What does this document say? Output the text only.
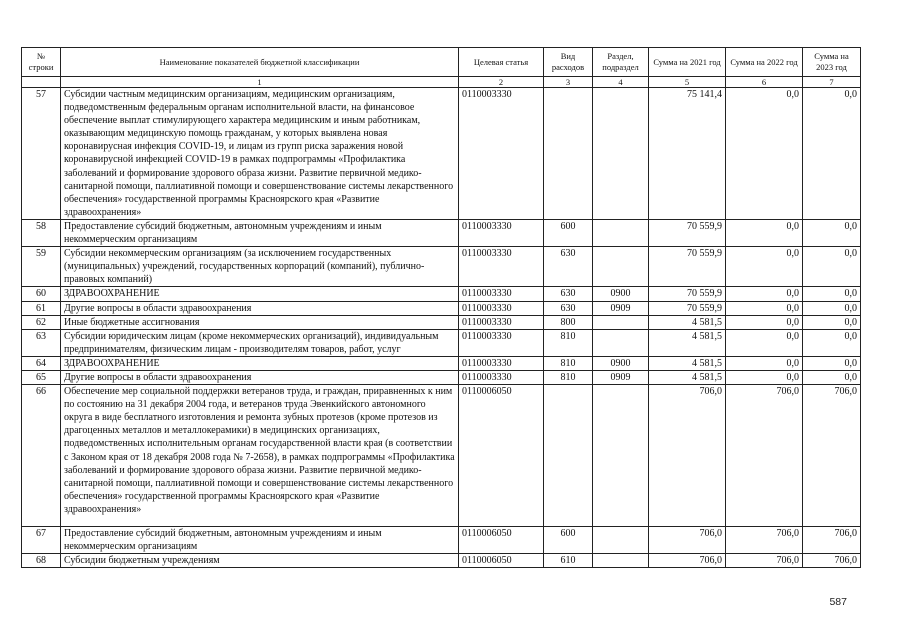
№ строки	Наименование показателей бюджетной классификации	Целевая статья	Вид расходов	Раздел, подраздел	Сумма на 2021 год	Сумма на 2022 год	Сумма на 2023 год
	1	2	3	4	5	6	7
57	Субсидии частным медицинским организациям, медицинским организациям, подведомственным федеральным органам исполнительной власти, на финансовое обеспечение выплат стимулирующего характера медицинским и иным работникам, оказывающим медицинскую помощь гражданам, у которых выявлена новая коронавирусная инфекция COVID-19, и лицам из групп риска заражения новой коронавирусной инфекцией COVID-19 в рамках подпрограммы «Профилактика заболеваний и формирование здорового образа жизни. Развитие первичной медико-санитарной помощи, паллиативной помощи и совершенствование системы лекарственного обеспечения» государственной программы Красноярского края «Развитие здравоохранения»	0110003330			75 141,4	0,0	0,0
58	Предоставление субсидий бюджетным, автономным учреждениям и иным некоммерческим организациям	0110003330	600		70 559,9	0,0	0,0
59	Субсидии некоммерческим организациям (за исключением государственных (муниципальных) учреждений, государственных корпораций (компаний), публично-правовых компаний)	0110003330	630		70 559,9	0,0	0,0
60	ЗДРАВООХРАНЕНИЕ	0110003330	630	0900	70 559,9	0,0	0,0
61	Другие вопросы в области здравоохранения	0110003330	630	0909	70 559,9	0,0	0,0
62	Иные бюджетные ассигнования	0110003330	800		4 581,5	0,0	0,0
63	Субсидии юридическим лицам (кроме некоммерческих организаций), индивидуальным предпринимателям, физическим лицам - производителям товаров, работ, услуг	0110003330	810		4 581,5	0,0	0,0
64	ЗДРАВООХРАНЕНИЕ	0110003330	810	0900	4 581,5	0,0	0,0
65	Другие вопросы в области здравоохранения	0110003330	810	0909	4 581,5	0,0	0,0
66	Обеспечение мер социальной поддержки ветеранов труда, и граждан, приравненных к ним по состоянию на 31 декабря 2004 года, и ветеранов труда Эвенкийского автономного округа в виде бесплатного изготовления и ремонта зубных протезов (кроме протезов из драгоценных металлов и металлокерамики) в медицинских организациях, подведомственных исполнительным органам государственной власти края (в соответствии с Законом края от 18 декабря 2008 года № 7-2658), в рамках подпрограммы «Профилактика заболеваний и формирование здорового образа жизни. Развитие первичной медико-санитарной помощи, паллиативной помощи и совершенствование системы лекарственного обеспечения» государственной программы Красноярского края «Развитие здравоохранения»	0110006050			706,0	706,0	706,0
67	Предоставление субсидий бюджетным, автономным учреждениям и иным некоммерческим организациям	0110006050	600		706,0	706,0	706,0
68	Субсидии бюджетным учреждениям	0110006050	610		706,0	706,0	706,0
587
